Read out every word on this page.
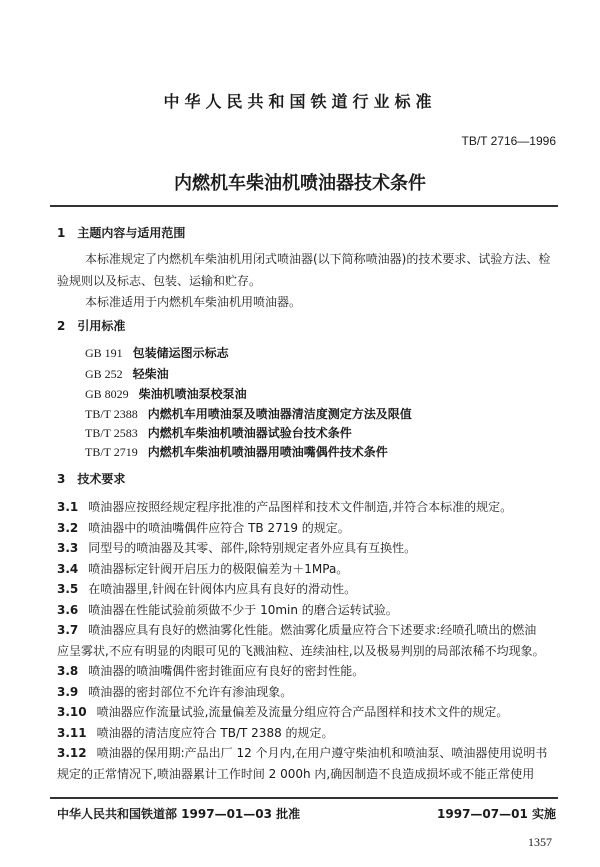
中华人民共和国铁道行业标准
TB/T 2716—1996
内燃机车柴油机喷油器技术条件
1　主题内容与适用范围
本标准规定了内燃机车柴油机用闭式喷油器(以下简称喷油器)的技术要求、试验方法、检
验规则以及标志、包装、运输和贮存。
本标准适用于内燃机车柴油机用喷油器。
2　引用标准
GB 191 包装储运图示标志
GB 252 轻柴油
GB 8029 柴油机喷油泵校泵油
TB/T 2388 内燃机车用喷油泵及喷油器清洁度测定方法及限值
TB/T 2583 内燃机车柴油机喷油器试验台技术条件
TB/T 2719 内燃机车柴油机喷油器用喷油嘴偶件技术条件
3　技术要求
3.1 喷油器应按照经规定程序批准的产品图样和技术文件制造,并符合本标准的规定。
3.2 喷油器中的喷油嘴偶件应符合 TB 2719 的规定。
3.3 同型号的喷油器及其零、部件,除特别规定者外应具有互换性。
3.4 喷油器标定针阀开启压力的极限偏差为＋1MPa。
3.5 在喷油器里,针阀在针阀体内应具有良好的滑动性。
3.6 喷油器在性能试验前须做不少于 10min 的磨合运转试验。
3.7 喷油器应具有良好的燃油雾化性能。燃油雾化质量应符合下述要求:经喷孔喷出的燃油
应呈雾状,不应有明显的肉眼可见的飞溅油粒、连续油柱,以及极易判别的局部浓稀不均现象。
3.8 喷油器的喷油嘴偶件密封锥面应有良好的密封性能。
3.9 喷油器的密封部位不允许有渗油现象。
3.10 喷油器应作流量试验,流量偏差及流量分组应符合产品图样和技术文件的规定。
3.11 喷油器的清洁度应符合 TB/T 2388 的规定。
3.12 喷油器的保用期:产品出厂 12 个月内,在用户遵守柴油机和喷油泵、喷油器使用说明书
规定的正常情况下,喷油器累计工作时间 2 000h 内,确因制造不良造成损坏或不能正常使用
中华人民共和国铁道部 1997—01—03 批准	1997—07—01 实施
1357
